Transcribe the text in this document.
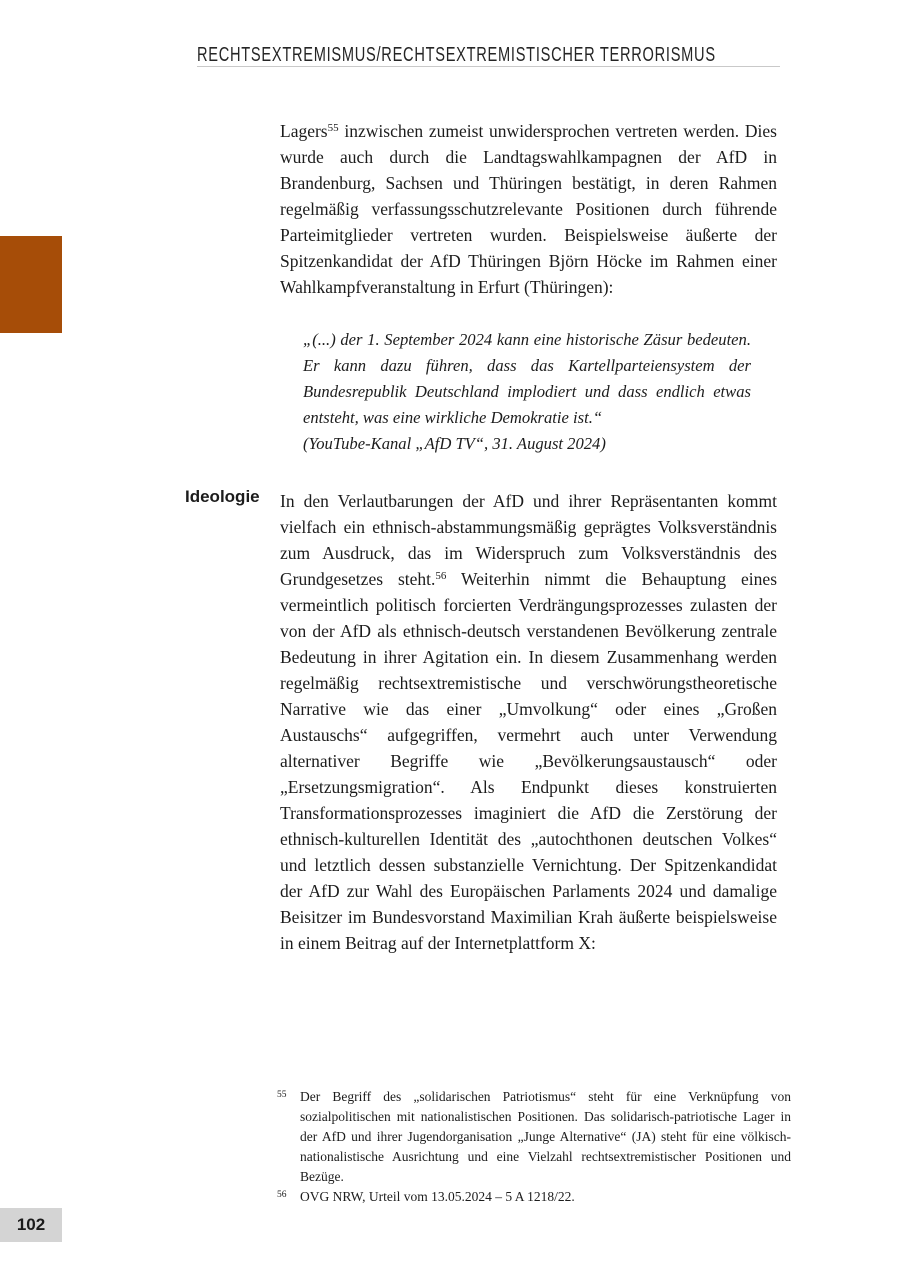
RECHTSEXTREMISMUS/RECHTSEXTREMISTISCHER TERRORISMUS
Ideologie

Lagers$^{55}$ inzwischen zumeist unwidersprochen vertreten werden. Dies wurde auch durch die Landtagswahlkampagnen der AfD in Brandenburg, Sachsen und Thüringen bestätigt, in deren Rahmen regelmäßig verfassungsschutzrelevante Positionen durch führende Parteimitglieder vertreten wurden. Beispielsweise äußerte der Spitzenkandidat der AfD Thüringen Björn Höcke im Rahmen einer Wahlkampfveranstaltung in Erfurt (Thüringen):

„(...) der 1. September 2024 kann eine historische Zäsur bedeuten. Er kann dazu führen, dass das Kartellparteiensystem der Bundesrepublik Deutschland implodiert und dass endlich etwas entsteht, was eine wirkliche Demokratie ist.“

(YouTube-Kanal „AfD TV“, 31. August 2024)

In den Verlautbarungen der AfD und ihrer Repräsentanten kommt vielfach ein ethnisch-abstammungsmäßig geprägtes Volksverständnis zum Ausdruck, das im Widerspruch zum Volksverständnis des Grundgesetzes steht.$^{56}$ Weiterhin nimmt die Behauptung eines vermeintlich politisch forcierten Verdrängungsprozesses zulasten der von der AfD als ethnisch-deutsch verstandenen Bevölkerung zentrale Bedeutung in ihrer Agitation ein. In diesem Zusammenhang werden regelmäßig rechtsextremistische und verschwörungstheoretische Narrative wie das einer „Umvolkung“ oder eines „Großen Austauschs“ aufgegriffen, vermehrt auch unter Verwendung alternativer Begriffe wie „Bevölkerungsaustausch“ oder „Ersetzungsmigration“. Als Endpunkt dieses konstruierten Transformationsprozesses imaginiert die AfD die Zerstörung der ethnisch-kulturellen Identität des „autochthonen deutschen Volkes“ und letztlich dessen substanzielle Vernichtung. Der Spitzenkandidat der AfD zur Wahl des Europäischen Parlaments 2024 und damalige Beisitzer im Bundesvorstand Maximilian Krah äußerte beispielsweise in einem Beitrag auf der Internetplattform X:

55 Der Begriff des „solidarischen Patriotismus“ steht für eine Verknüpfung von sozialpolitischen mit nationalistischen Positionen. Das solidarisch-patriotische Lager in der AfD und ihrer Jugendorganisation „Junge Alternative“ (JA) steht für eine völkisch-nationalistische Ausrichtung und eine Vielzahl rechtsextremistischer Positionen und Bezüge.
56 OVG NRW, Urteil vom 13.05.2024 – 5 A 1218/22.
102
